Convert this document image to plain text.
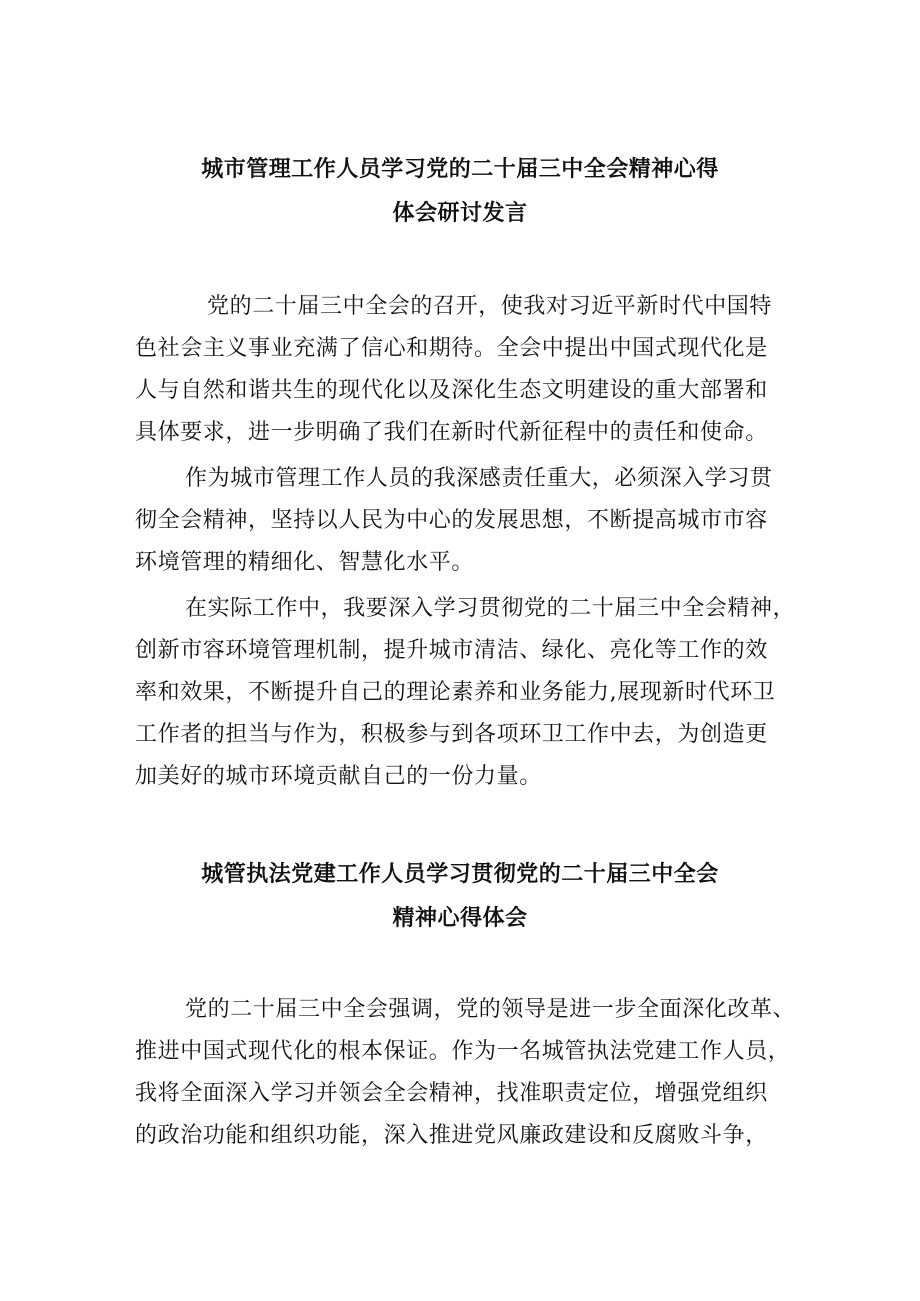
城市管理工作人员学习党的二十届三中全会精神心得
体会研讨发言
党的二十届三中全会的召开，使我对习近平新时代中国特
色社会主义事业充满了信心和期待。全会中提出中国式现代化是
人与自然和谐共生的现代化以及深化生态文明建设的重大部署和
具体要求，进一步明确了我们在新时代新征程中的责任和使命。
作为城市管理工作人员的我深感责任重大，必须深入学习贯
彻全会精神，坚持以人民为中心的发展思想，不断提高城市市容
环境管理的精细化、智慧化水平。
在实际工作中，我要深入学习贯彻党的二十届三中全会精神，
创新市容环境管理机制，提升城市清洁、绿化、亮化等工作的效
率和效果，不断提升自己的理论素养和业务能力,展现新时代环卫
工作者的担当与作为，积极参与到各项环卫工作中去，为创造更
加美好的城市环境贡献自己的一份力量。
城管执法党建工作人员学习贯彻党的二十届三中全会
精神心得体会
党的二十届三中全会强调，党的领导是进一步全面深化改革、
推进中国式现代化的根本保证。作为一名城管执法党建工作人员，
我将全面深入学习并领会全会精神，找准职责定位，增强党组织
的政治功能和组织功能，深入推进党风廉政建设和反腐败斗争，
